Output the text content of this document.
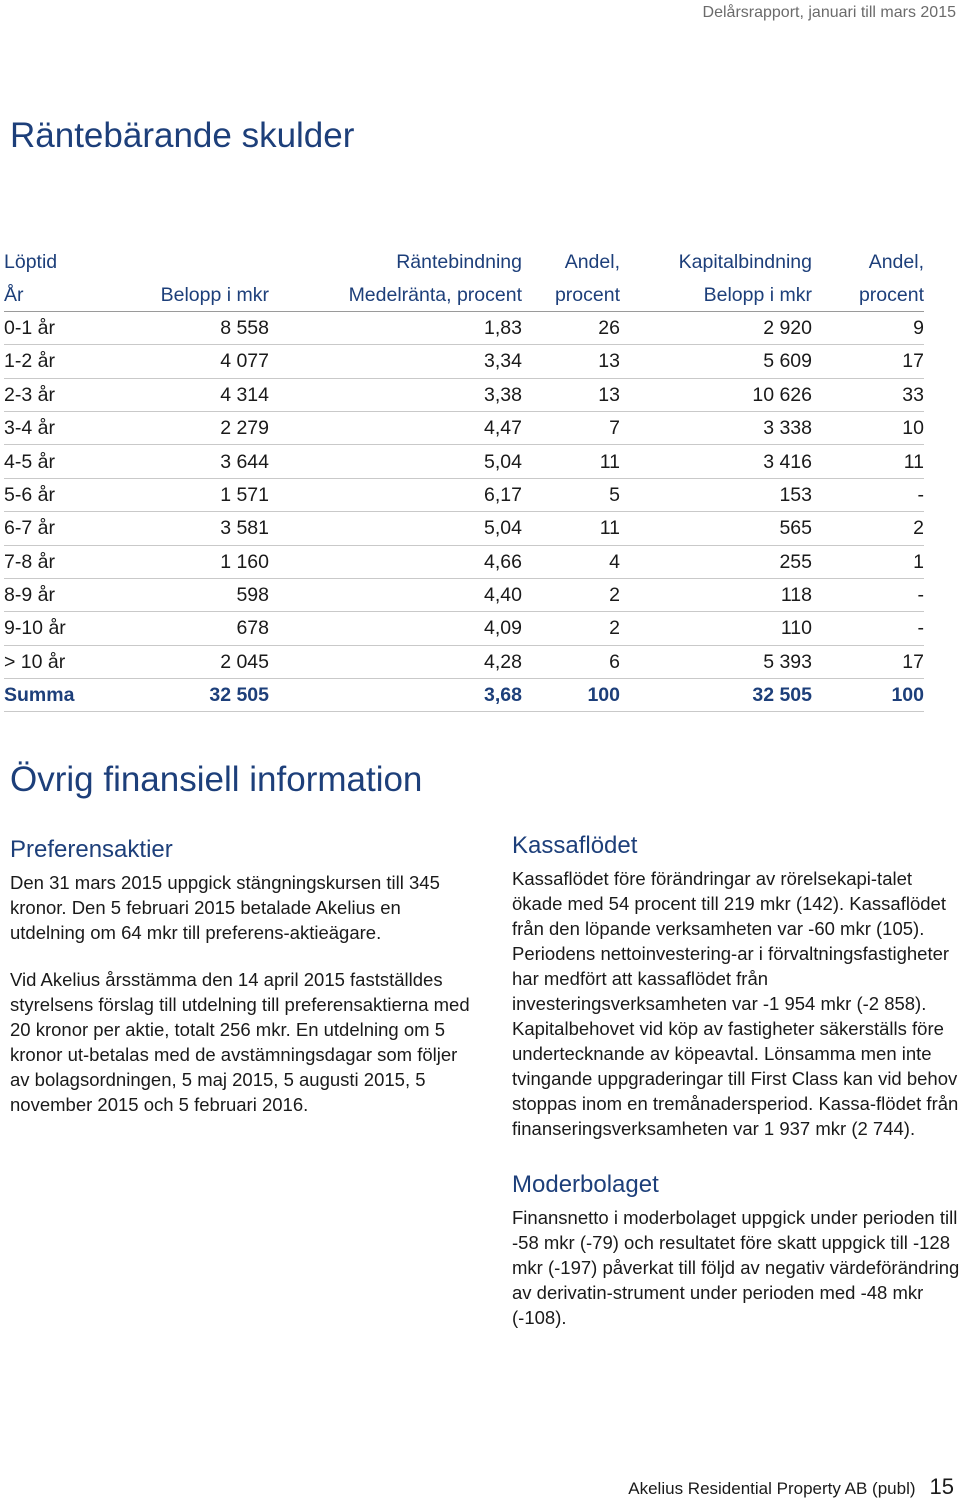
Delårsrapport, januari till mars 2015
Räntebärande skulder
Löptid		Räntebindning	Andel,	Kapitalbindning	Andel,
År	Belopp i mkr	Medelränta, procent	procent	Belopp i mkr	procent
0-1 år	8 558	1,83	26	2 920	9
1-2 år	4 077	3,34	13	5 609	17
2-3 år	4 314	3,38	13	10 626	33
3-4 år	2 279	4,47	7	3 338	10
4-5 år	3 644	5,04	11	3 416	11
5-6 år	1 571	6,17	5	153	-
6-7 år	3 581	5,04	11	565	2
7-8 år	1 160	4,66	4	255	1
8-9 år	598	4,40	2	118	-
9-10 år	678	4,09	2	110	-
> 10 år	2 045	4,28	6	5 393	17
Summa	32 505	3,68	100	32 505	100
Övrig finansiell information
Preferensaktier

Den 31 mars 2015 uppgick stängningskursen till 345 kronor. Den 5 februari 2015 betalade Akelius en utdelning om 64 mkr till preferens-aktieägare.

Vid Akelius årsstämma den 14 april 2015 fastställdes styrelsens förslag till utdelning till preferensaktierna med 20 kronor per aktie, totalt 256 mkr. En utdelning om 5 kronor ut-betalas med de avstämningsdagar som följer av bolagsordningen, 5 maj 2015, 5 augusti 2015, 5 november 2015 och 5 februari 2016.

Kassaflödet

Kassaflödet före förändringar av rörelsekapi-talet ökade med 54 procent till 219 mkr (142). Kassaflödet från den löpande verksamheten var -60 mkr (105). Periodens nettoinvestering-ar i förvaltningsfastigheter har medfört att kassaflödet från investeringsverksamheten var -1 954 mkr (-2 858). Kapitalbehovet vid köp av fastigheter säkerställs före undertecknande av köpeavtal. Lönsamma men inte tvingande uppgraderingar till First Class kan vid behov stoppas inom en tremånadersperiod. Kassa-flödet från finanseringsverksamheten var 1 937 mkr (2 744).

Moderbolaget

Finansnetto i moderbolaget uppgick under perioden till -58 mkr (-79) och resultatet före skatt uppgick till -128 mkr (-197) påverkat till följd av negativ värdeförändring av derivatin-strument under perioden med -48 mkr (-108).

Akelius Residential Property AB (publ) 15
